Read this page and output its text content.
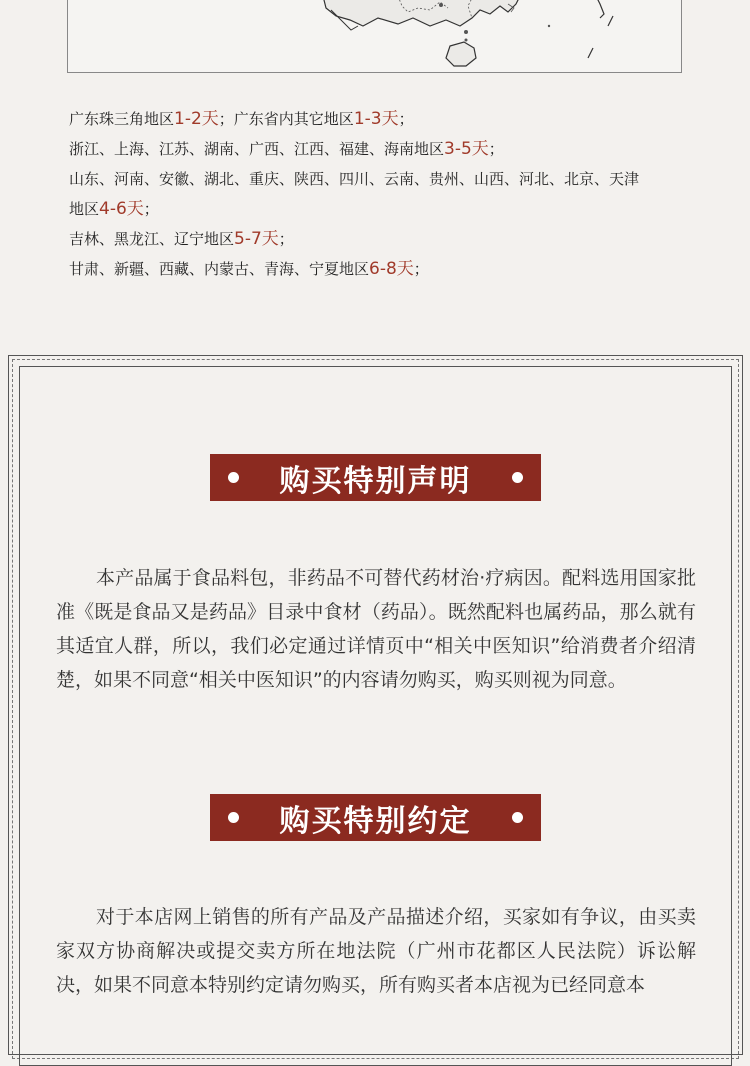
广东珠三角地区1-2天；广东省内其它地区1-3天；
浙江、上海、江苏、湖南、广西、江西、福建、海南地区3-5天；
山东、河南、安徽、湖北、重庆、陕西、四川、云南、贵州、山西、河北、北京、天津
地区4-6天；
吉林、黑龙江、辽宁地区5-7天；
甘肃、新疆、西藏、内蒙古、青海、宁夏地区6-8天；
购买特别声明

本产品属于食品料包，非药品不可替代药材治·疗病因。配料选用国家批准《既是食品又是药品》目录中食材（药品）。既然配料也属药品，那么就有其适宜人群，所以，我们必定通过详情页中“相关中医知识”给消费者介绍清楚，如果不同意“相关中医知识”的内容请勿购买，购买则视为同意。

购买特别约定

对于本店网上销售的所有产品及产品描述介绍，买家如有争议，由买卖家双方协商解决或提交卖方所在地法院（广州市花都区人民法院）诉讼解决，如果不同意本特别约定请勿购买，所有购买者本店视为已经同意本
